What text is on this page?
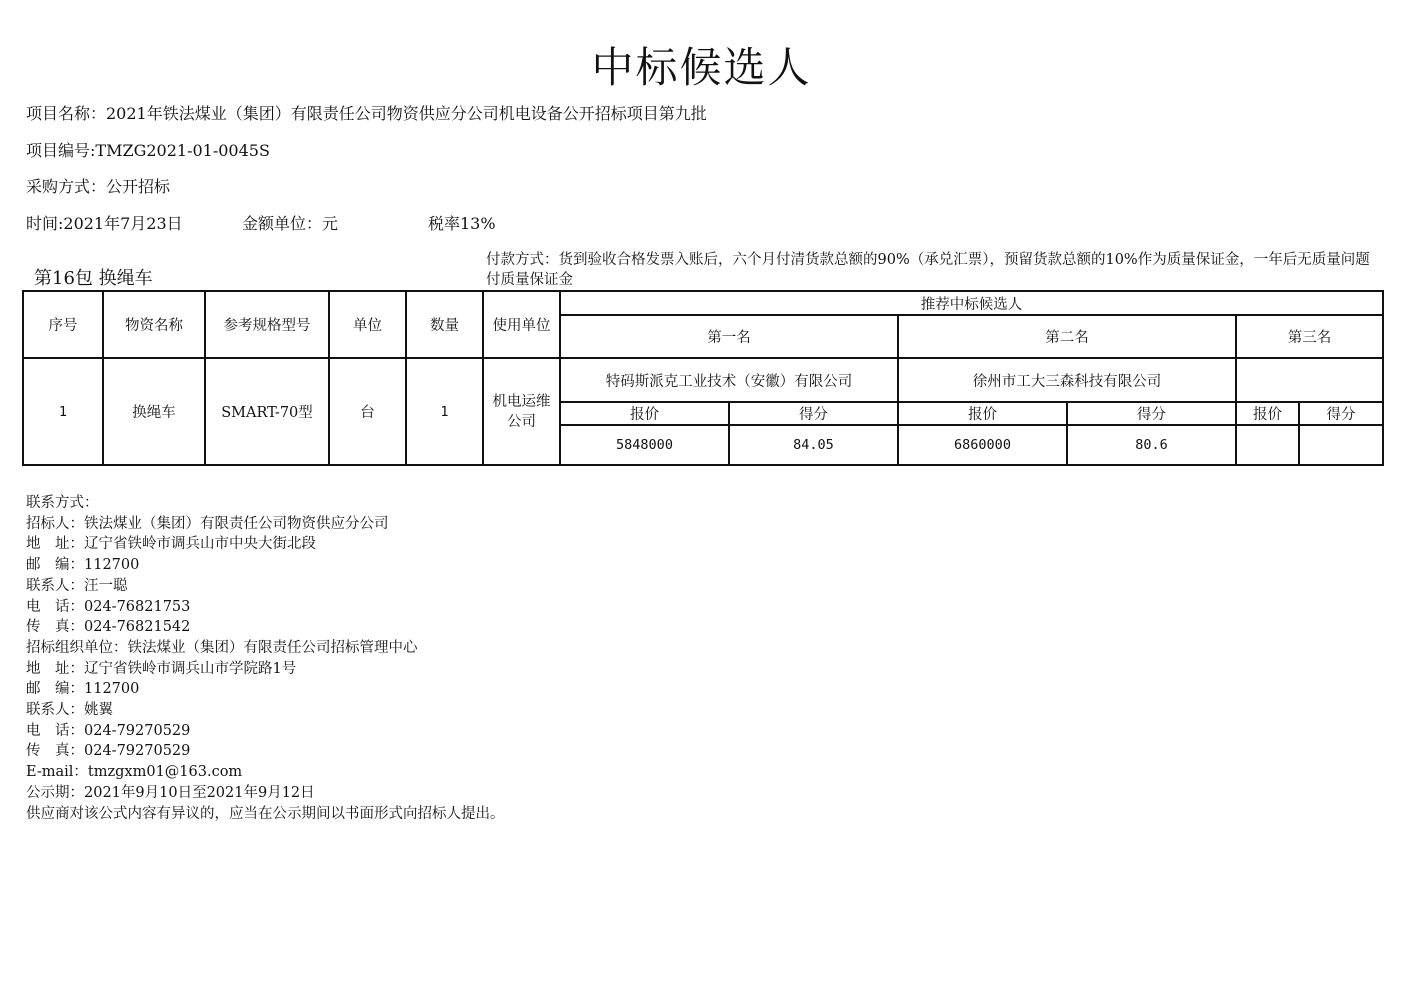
中标候选人
项目名称：2021年铁法煤业（集团）有限责任公司物资供应分公司机电设备公开招标项目第九批
项目编号:TMZG2021-01-0045S
采购方式：公开招标
时间:2021年7月23日	金额单位：元	税率13%
第16包 换绳车
付款方式：货到验收合格发票入账后，六个月付清货款总额的90%（承兑汇票），预留货款总额的10%作为质量保证金，一年后无质量问题付质量保证金
序号	物资名称	参考规格型号	单位	数量	使用单位	推荐中标候选人					
						第一名		第二名		第三名	
1	换绳车	SMART-70型	台	1	机电运维公司	特码斯派克工业技术（安徽）有限公司		徐州市工大三森科技有限公司			
						报价	得分	报价	得分	报价	得分
						5848000	84.05	6860000	80.6		
联系方式：
招标人：铁法煤业（集团）有限责任公司物资供应分公司
地　址：辽宁省铁岭市调兵山市中央大街北段
邮　编：112700
联系人：汪一聪
电　话：024-76821753
传　真：024-76821542
招标组织单位：铁法煤业（集团）有限责任公司招标管理中心
地　址：辽宁省铁岭市调兵山市学院路1号
邮　编：112700
联系人：姚翼
电　话：024-79270529
传　真：024-79270529
E-mail：tmzgxm01@163.com
公示期：2021年9月10日至2021年9月12日
供应商对该公式内容有异议的，应当在公示期间以书面形式向招标人提出。
